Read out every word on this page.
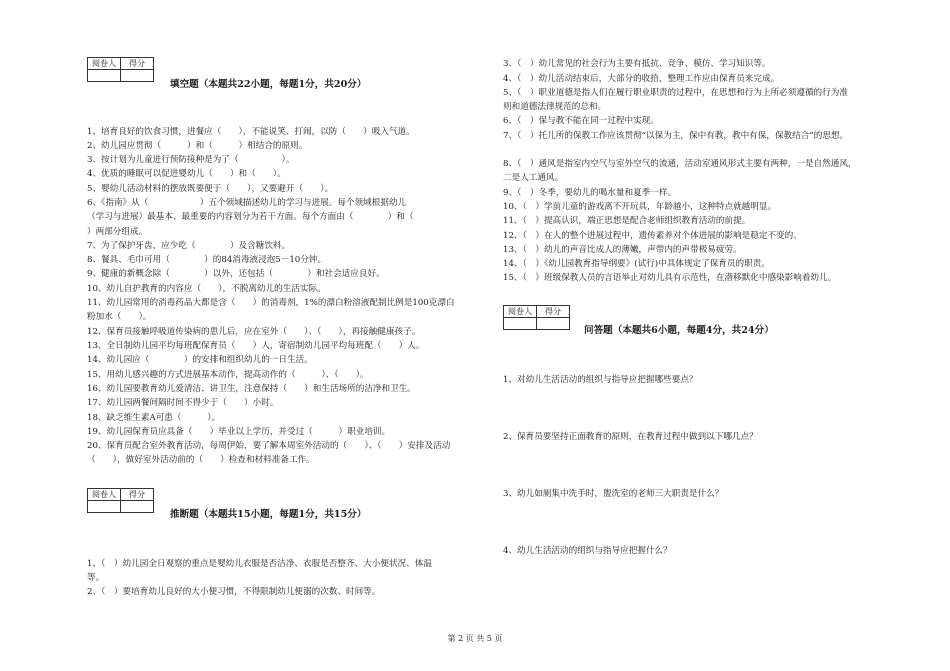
阅卷人	得分

填空题（本题共22小题，每题1分，共20分）
1、培育良好的饮食习惯，进餐应（　　），不能说笑、打闹，以防（　　）吸入气道。
2、幼儿园应贯彻（　　　）和（　　　）相结合的原则。
3、按计划为儿童进行预防接种是为了（　　　　　）。
4、优质的睡眠可以促进婴幼儿（　　）和（　　）。
5、婴幼儿活动材料的摆放既要便于（　　），又要避开（　　）。
6、《指南》从（　　　　　　）五个领域描述幼儿的学习与进展。每个领域根据幼儿
（学习与进展）最基本、最重要的内容划分为若干方面。每个方面由（　　　　）和（
）两部分组成。
7、为了保护牙齿，应少吃（　　　　）及含糖饮料。
8、餐具、毛巾可用（　　　　）的84消毒液浸泡5－10分钟。
9、健康的新概念除（　　　　）以外，还包括（　　　　）和社会适应良好。
10、幼儿自护教育的内容应（　　），不脱离幼儿的生活实际。
11、幼儿园常用的消毒药品大都是含（　　）的消毒剂，1%的漂白粉溶液配制比例是100克漂白
粉加水（　　）。
12、保育员接触呼吸道传染病的患儿后，应在室外（　　）、（　　），再接触健康孩子。
13、全日制幼儿园平均每班配保育员（　　）人，寄宿制幼儿园平均每班配（　　）人。
14、幼儿园应（　　　　）的安排和组织幼儿的一日生活。
15、用幼儿感兴趣的方式进展基本动作，提高动作的（　　　）、（　　）。
16、幼儿园要教育幼儿爱清洁、讲卫生，注意保持（　　）和生活场所的洁净和卫生。
17、幼儿园两餐间隔时间不得少于（　　）小时。
18、缺乏维生素A可患（　　　）。
19、幼儿园保育员应具备（　　）毕业以上学历，并受过（　　　）职业培训。
20、保育员配合室外教育活动，每周伊始，要了解本周室外活动的（　　）、（　　）安排及活动
（　　），做好室外活动前的（　　）检查和材料准备工作。
阅卷人	得分

推断题（本题共15小题，每题1分，共15分）
1、（　）幼儿园全日观察的重点是婴幼儿衣服是否洁净、衣服是否整齐、大小便状况、体温
等。
2、（　）要培育幼儿良好的大小便习惯，不得限制幼儿便溺的次数、时间等。
3、（　）幼儿常见的社会行为主要有抵抗、竞争、模仿、学习知识等。
4、（　）幼儿活动结束后，大部分的收拾，整理工作应由保育员来完成。
5、（　）职业道德是指人们在履行职业职责的过程中，在思想和行为上所必须遵循的行为准
则和道德法律规范的总和。
6、（　）保与教不能在同一过程中实现。
7、（　）托儿所的保教工作应该贯彻“以保为主，保中有教，教中有保，保教结合”的思想。
8、（　）通风是指室内空气与室外空气的流通，活动室通风形式主要有两种，一是自然通风，
二是人工通风。
9、（　）冬季，要幼儿的喝水量和夏季一样。
10、（　）学前儿童的游戏离不开玩具，年龄越小，这种特点就越明显。
11、（　）提高认识，端正思想是配合老师组织教育活动的前提。
12、（　）在人的整个进展过程中，遗传素养对个体进展的影响是稳定不变的。
13、（　）幼儿的声音比成人的薄嫩，声带内的声带极易疲劳。
14、（　）《幼儿园教育指导纲要》(试行)中具体规定了保育员的职责。
15、（　）班级保教人员的言语举止对幼儿具有示范性，在潜移默化中感染影响着幼儿。
阅卷人	得分

问答题（本题共6小题，每题4分，共24分）
1、对幼儿生活活动的组织与指导应把握哪些要点？
2、保育员要坚持正面教育的原则，在教育过程中做到以下哪几点？
3、幼儿如厕集中洗手时，盥洗室的老师三大职责是什么？
4、幼儿生活活动的组织与指导应把握什么？
第 2 页 共 5 页
